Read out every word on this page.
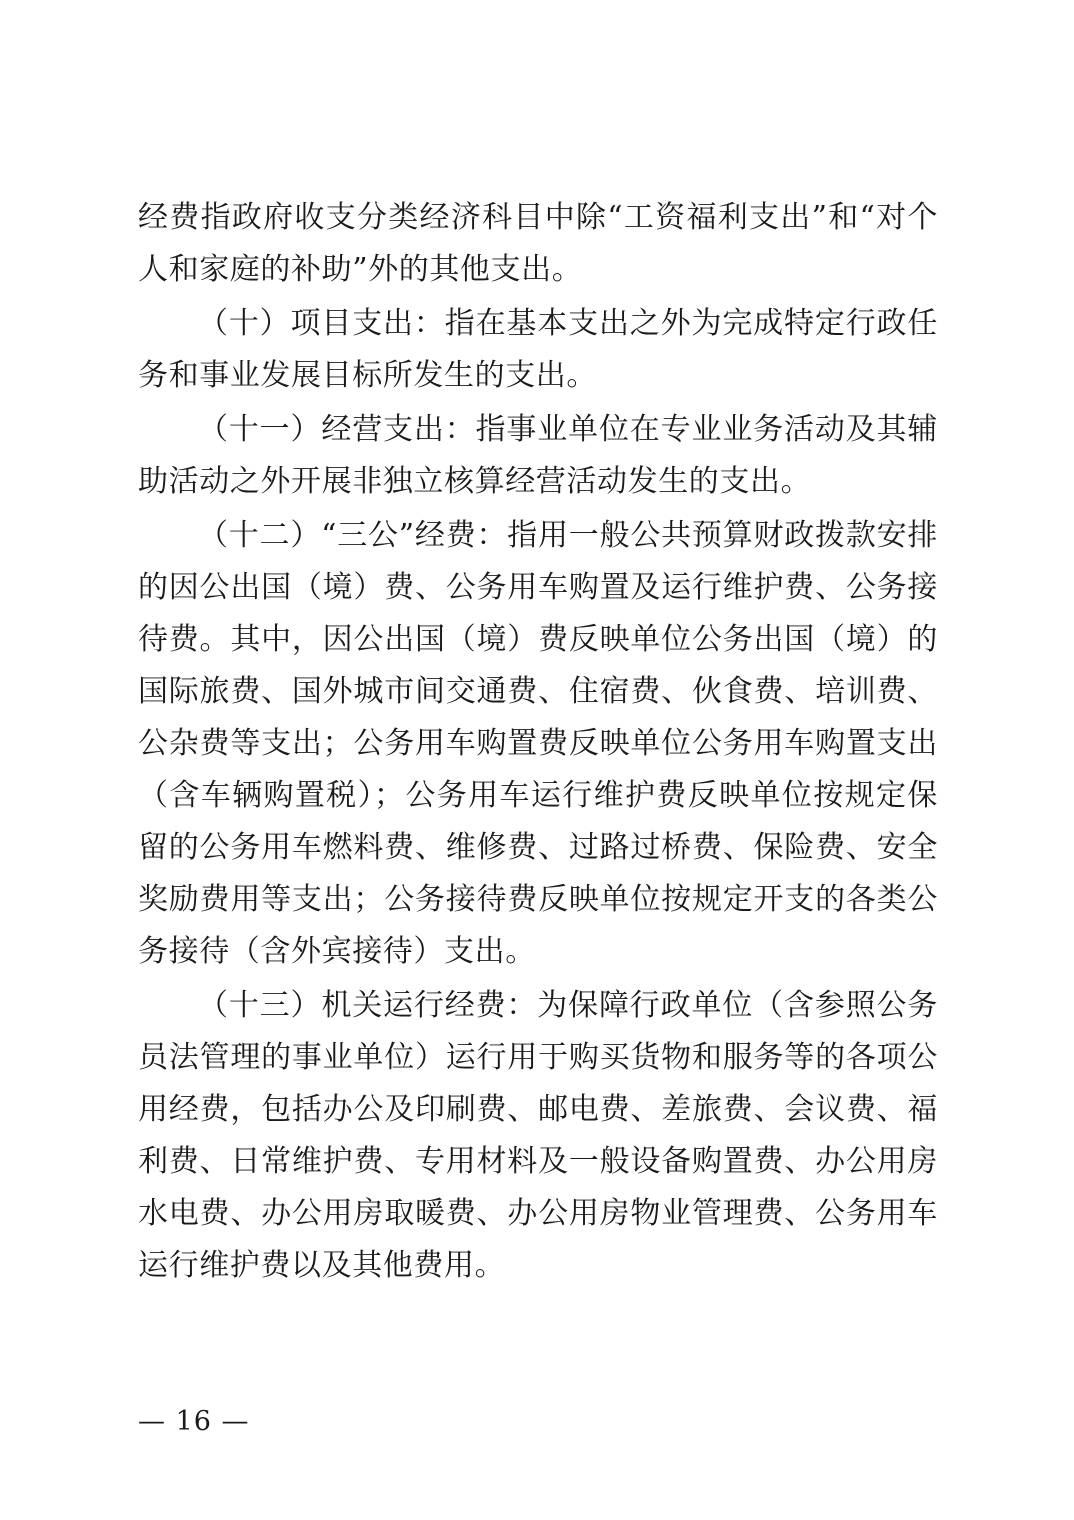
经费指政府收支分类经济科目中除“工资福利支出”和“对个人和家庭的补助”外的其他支出。

（十）项目支出：指在基本支出之外为完成特定行政任务和事业发展目标所发生的支出。

（十一）经营支出：指事业单位在专业业务活动及其辅助活动之外开展非独立核算经营活动发生的支出。

（十二）“三公”经费：指用一般公共预算财政拨款安排的因公出国（境）费、公务用车购置及运行维护费、公务接待费。其中，因公出国（境）费反映单位公务出国（境）的国际旅费、国外城市间交通费、住宿费、伙食费、培训费、公杂费等支出；公务用车购置费反映单位公务用车购置支出（含车辆购置税）；公务用车运行维护费反映单位按规定保留的公务用车燃料费、维修费、过路过桥费、保险费、安全奖励费用等支出；公务接待费反映单位按规定开支的各类公务接待（含外宾接待）支出。

（十三）机关运行经费：为保障行政单位（含参照公务员法管理的事业单位）运行用于购买货物和服务等的各项公用经费，包括办公及印刷费、邮电费、差旅费、会议费、福利费、日常维护费、专用材料及一般设备购置费、办公用房水电费、办公用房取暖费、办公用房物业管理费、公务用车运行维护费以及其他费用。

— 16 —
